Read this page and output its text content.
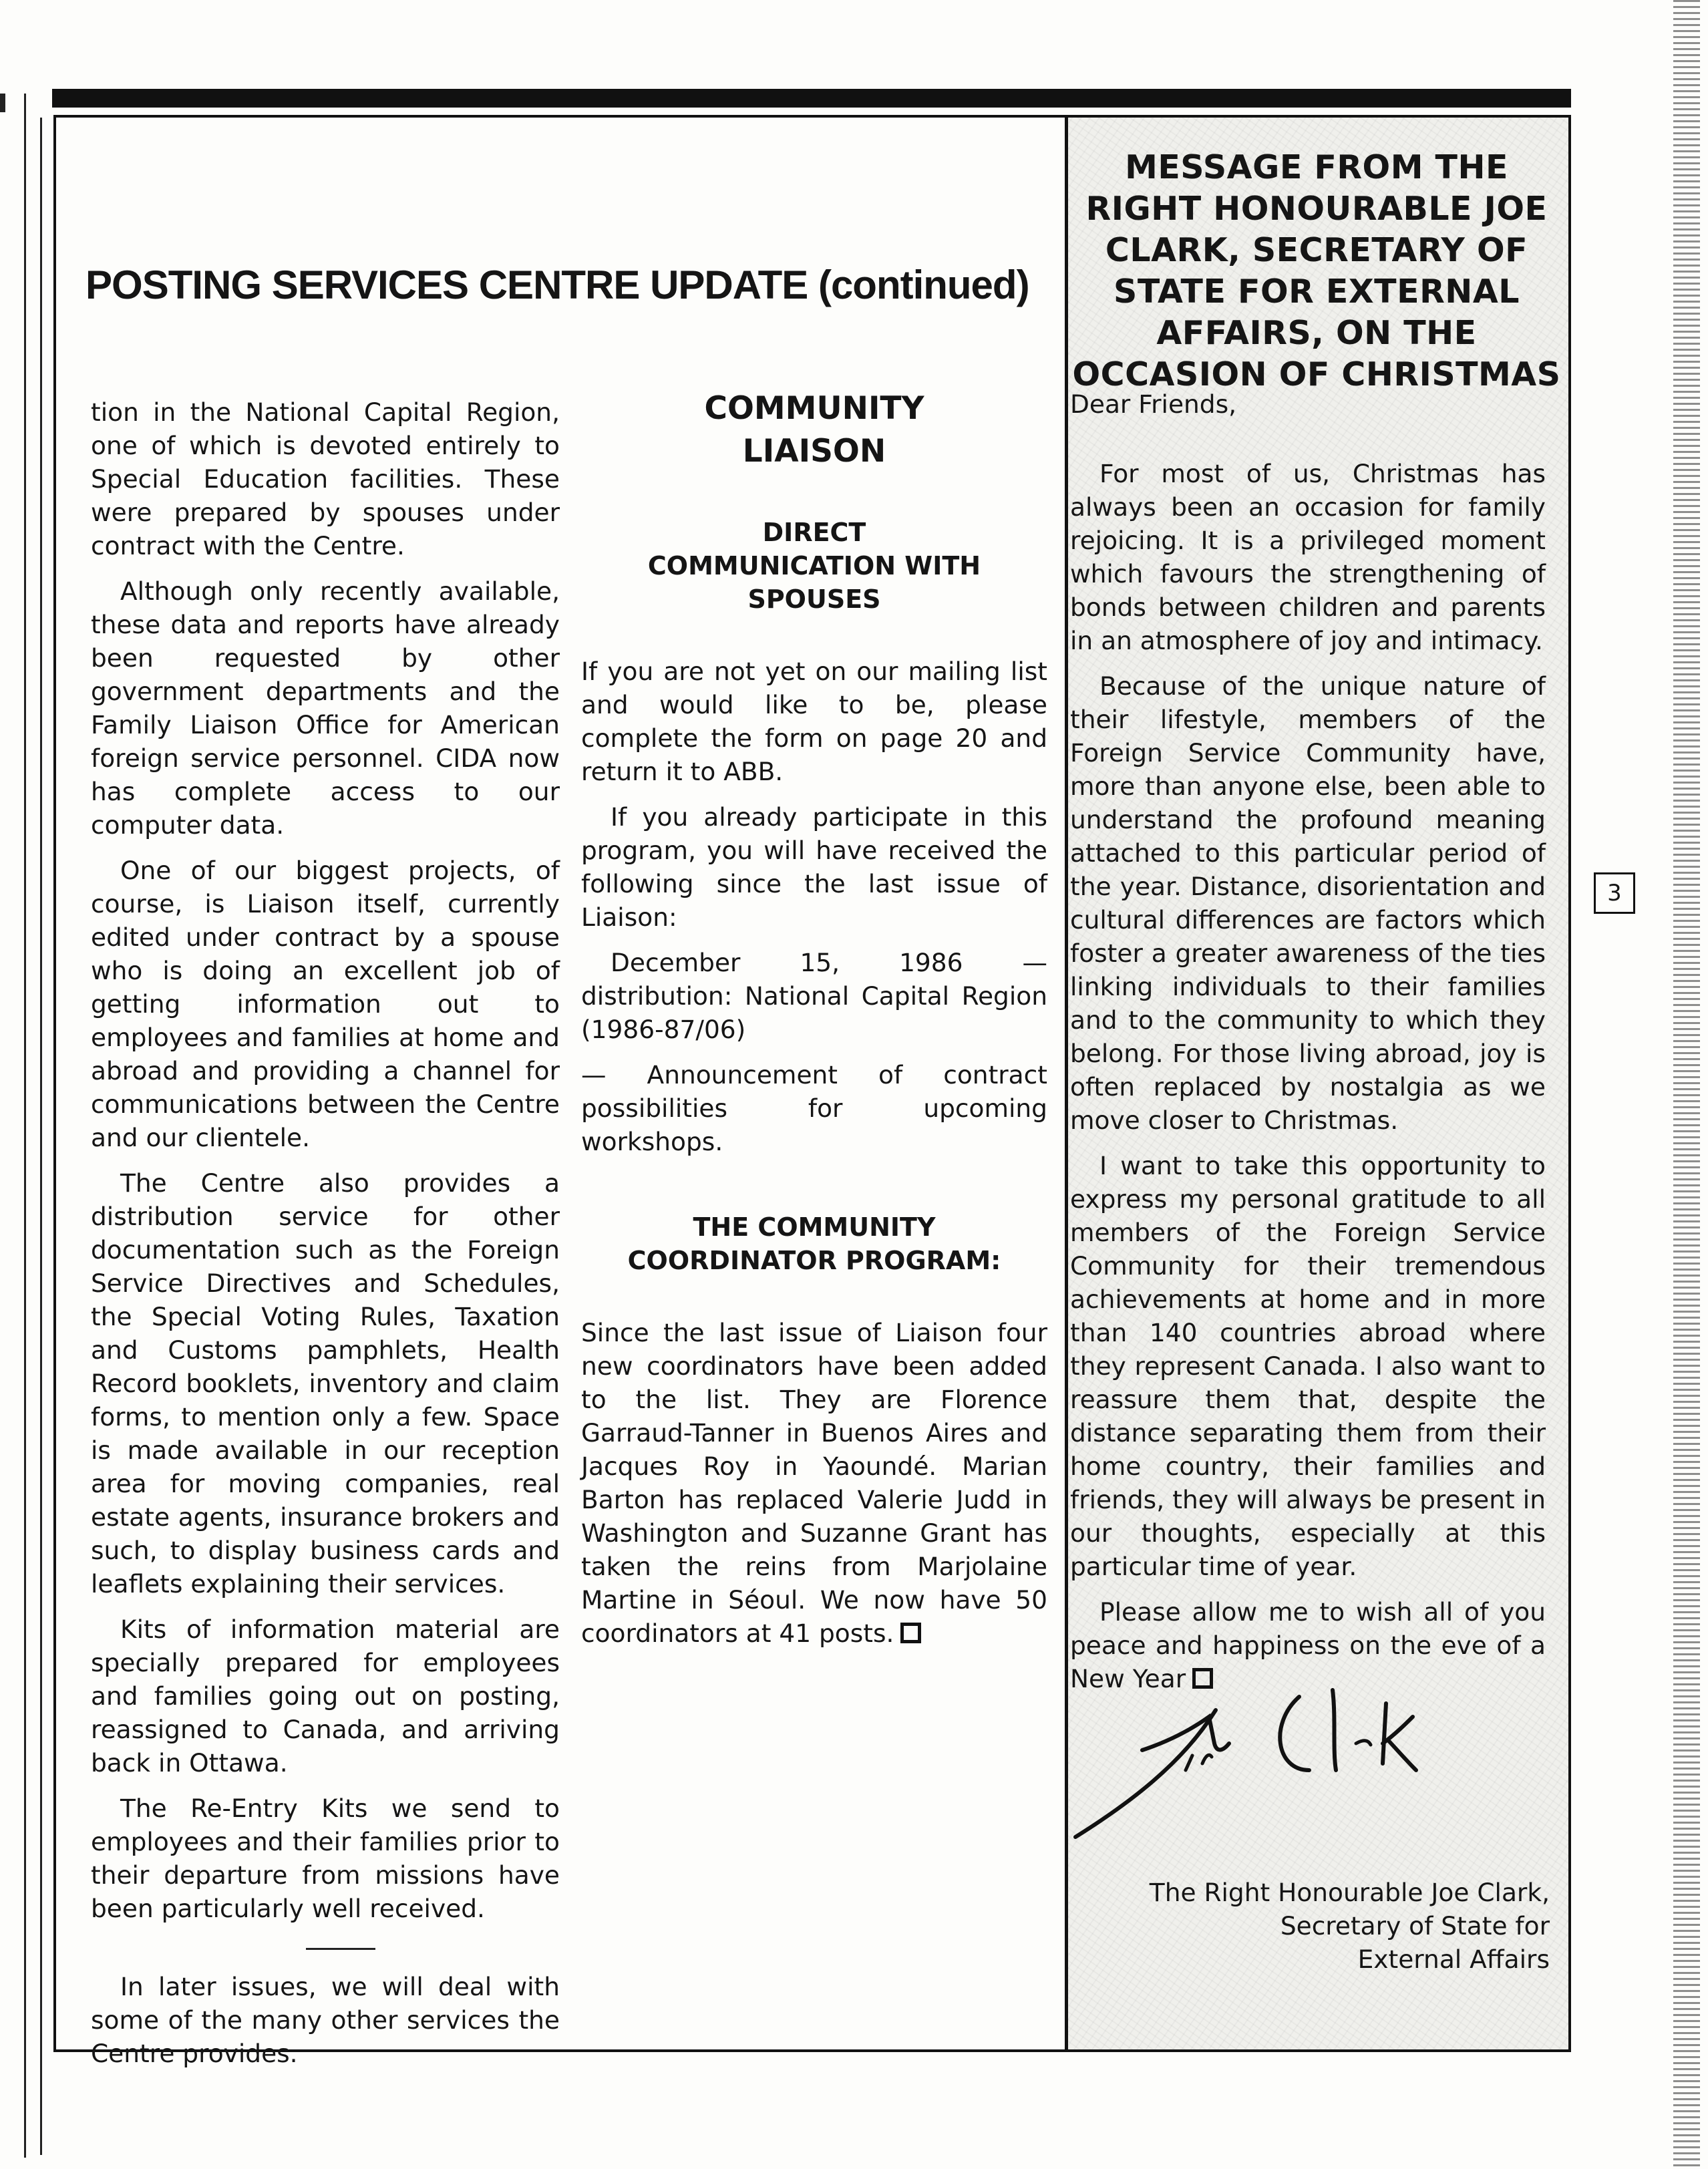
POSTING SERVICES CENTRE UPDATE (continued)

tion in the National Capital Region, one of which is devoted entirely to Special Education facilities. These were prepared by spouses under contract with the Centre.

Although only recently available, these data and reports have already been requested by other government departments and the Family Liaison Office for American foreign service personnel. CIDA now has complete access to our computer data.

One of our biggest projects, of course, is Liaison itself, currently edited under contract by a spouse who is doing an excellent job of getting information out to employees and families at home and abroad and providing a channel for communications between the Centre and our clientele.

The Centre also provides a distribution service for other documentation such as the Foreign Service Directives and Schedules, the Special Voting Rules, Taxation and Customs pamphlets, Health Record booklets, inventory and claim forms, to mention only a few. Space is made available in our reception area for moving companies, real estate agents, insurance brokers and such, to display business cards and leaflets explaining their services.

Kits of information material are specially prepared for employees and families going out on posting, reassigned to Canada, and arriving back in Ottawa.

The Re-Entry Kits we send to employees and their families prior to their departure from missions have been particularly well received.

In later issues, we will deal with some of the many other services the Centre provides.

COMMUNITY LIAISON
DIRECT COMMUNICATION WITH SPOUSES

If you are not yet on our mailing list and would like to be, please complete the form on page 20 and return it to ABB.

If you already participate in this program, you will have received the following since the last issue of Liaison:

December 15, 1986 — distribution: National Capital Region (1986-87/06)

— Announcement of contract possibilities for upcoming workshops.

THE COMMUNITY COORDINATOR PROGRAM:

Since the last issue of Liaison four new coordinators have been added to the list. They are Florence Garraud-Tanner in Buenos Aires and Jacques Roy in Yaoundé. Marian Barton has replaced Valerie Judd in Washington and Suzanne Grant has taken the reins from Marjolaine Martine in Séoul. We now have 50 coordinators at 41 posts.

MESSAGE FROM THE RIGHT HONOURABLE JOE CLARK, SECRETARY OF STATE FOR EXTERNAL AFFAIRS, ON THE OCCASION OF CHRISTMAS

Dear Friends,

For most of us, Christmas has always been an occasion for family rejoicing. It is a privileged moment which favours the strengthening of bonds between children and parents in an atmosphere of joy and intimacy.

Because of the unique nature of their lifestyle, members of the Foreign Service Community have, more than anyone else, been able to understand the profound meaning attached to this particular period of the year. Distance, disorientation and cultural differences are factors which foster a greater awareness of the ties linking individuals to their families and to the community to which they belong. For those living abroad, joy is often replaced by nostalgia as we move closer to Christmas.

I want to take this opportunity to express my personal gratitude to all members of the Foreign Service Community for their tremendous achievements at home and in more than 140 countries abroad where they represent Canada. I also want to reassure them that, despite the distance separating them from their home country, their families and friends, they will always be present in our thoughts, especially at this particular time of year.

Please allow me to wish all of you peace and happiness on the eve of a New Year

The Right Honourable Joe Clark,
Secretary of State for
External Affairs
3
